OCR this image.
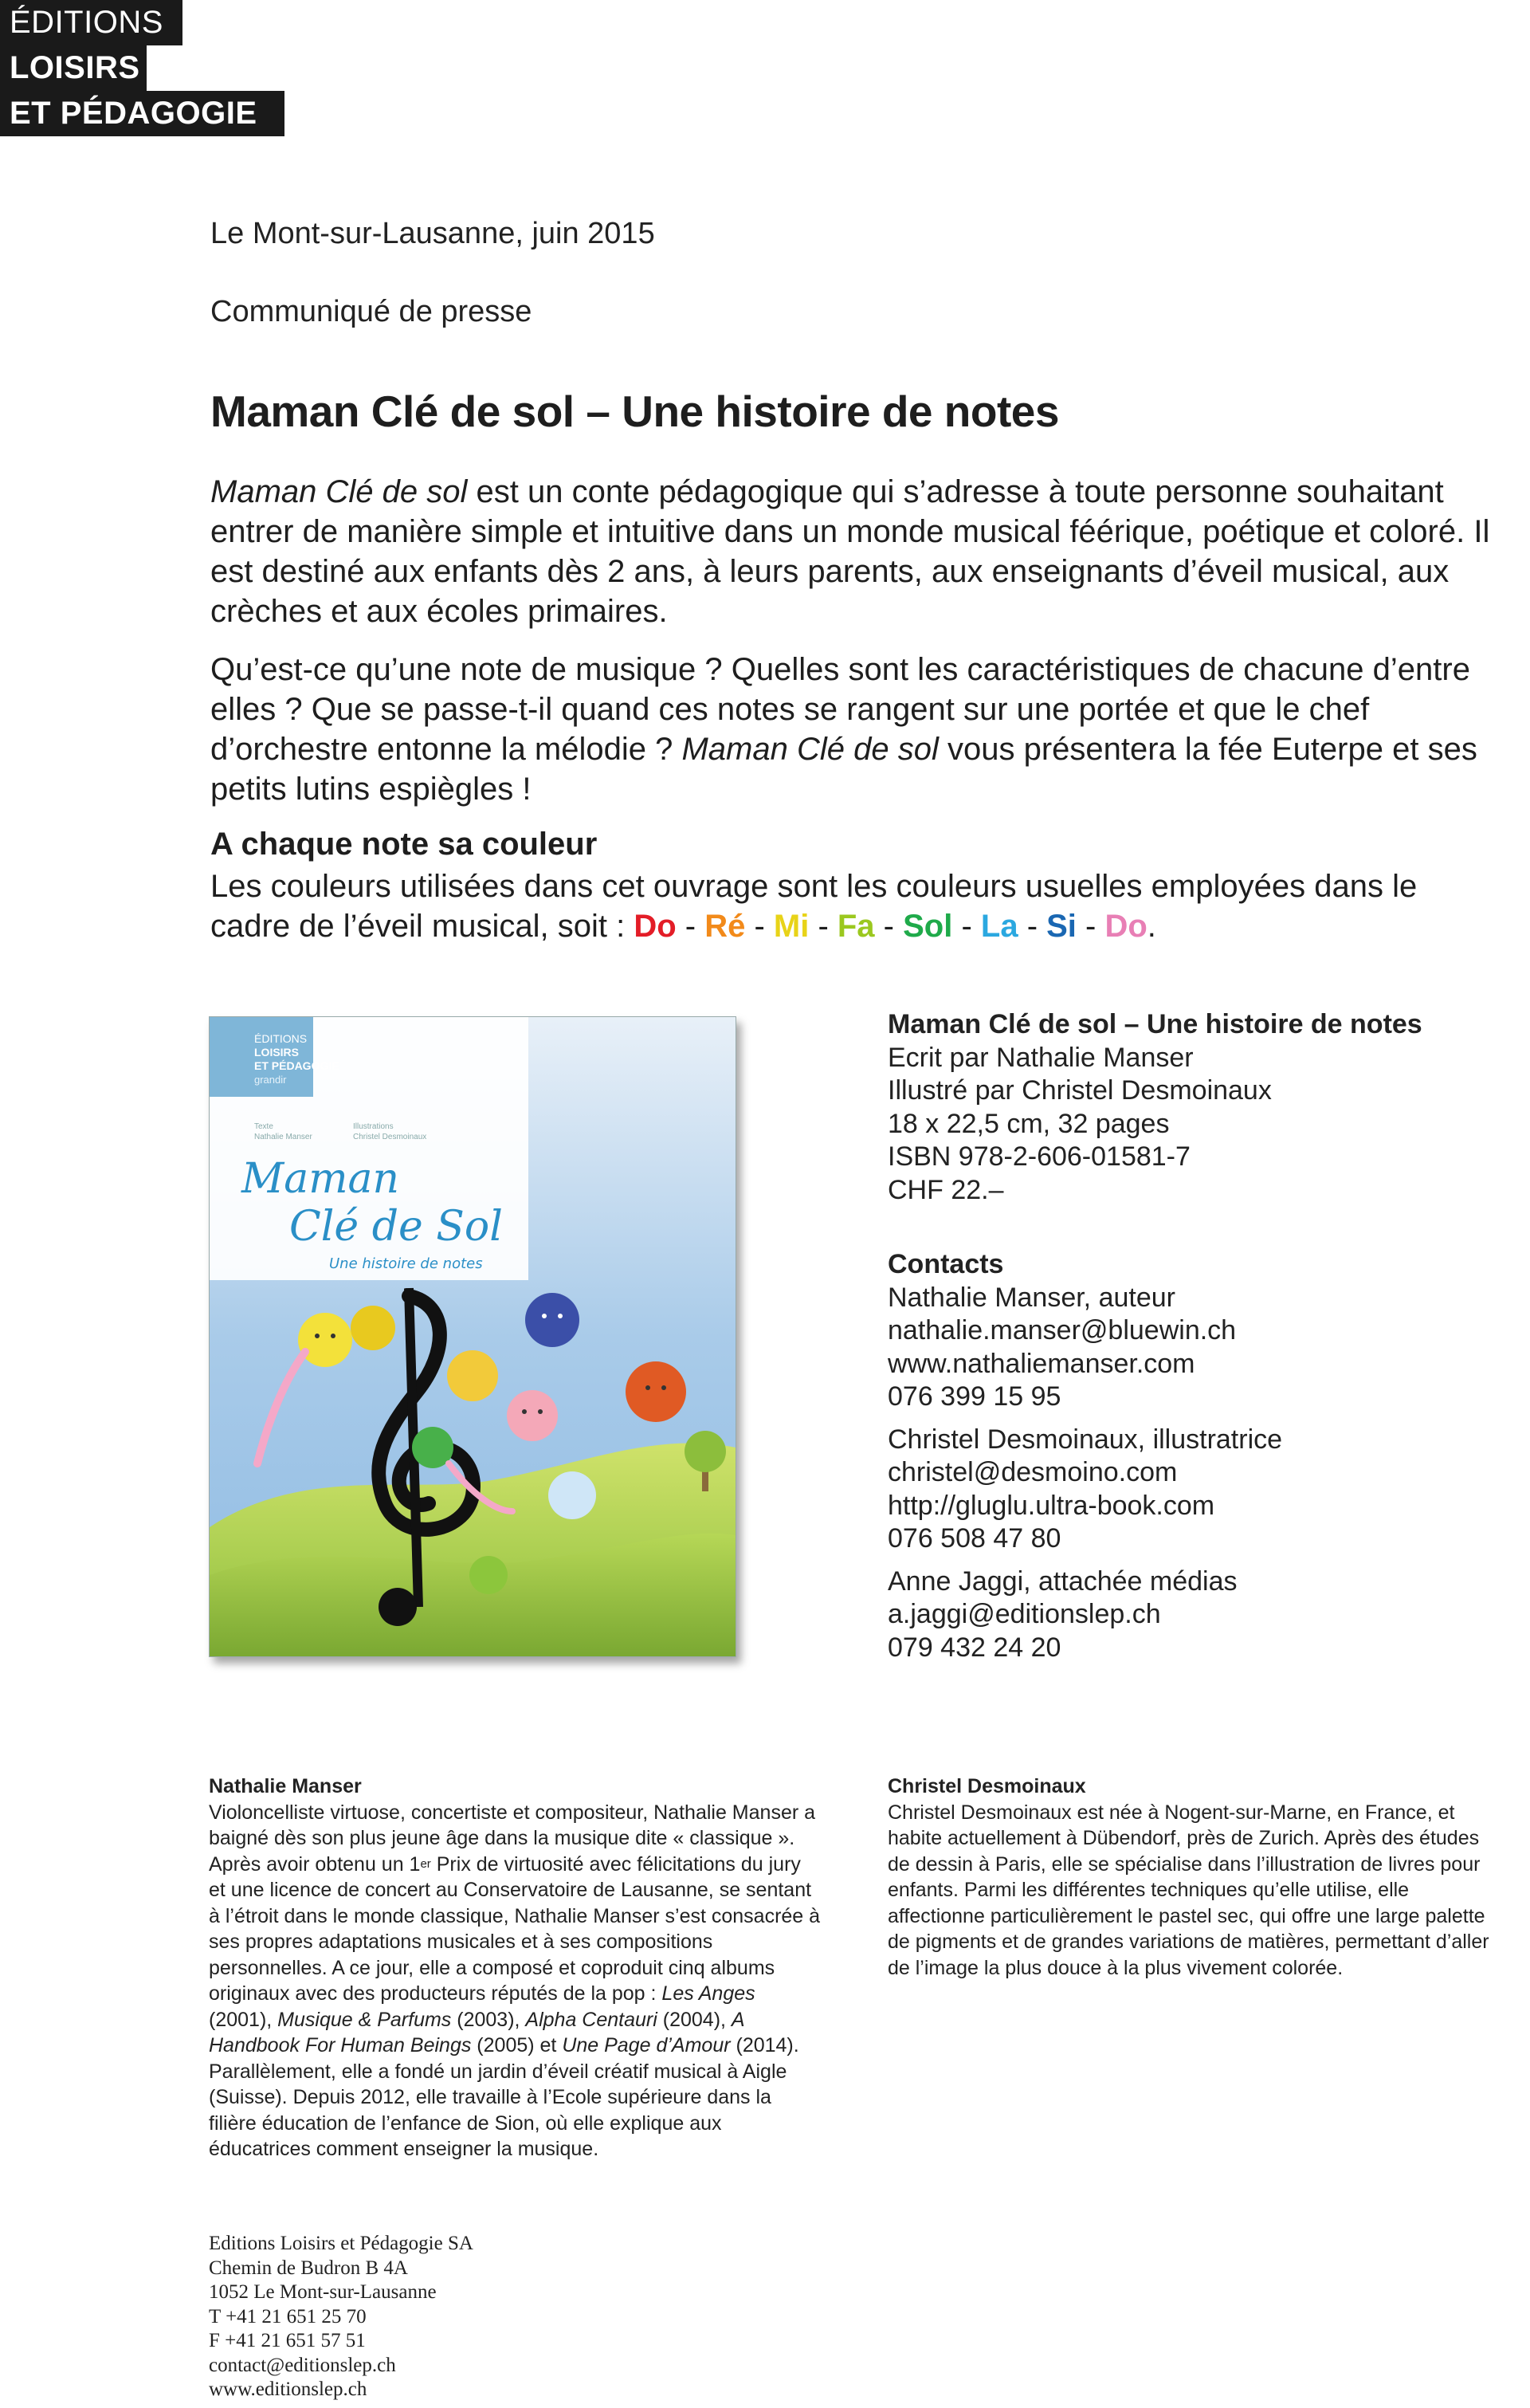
ÉDITIONS
LOISIRS
ET PÉDAGOGIE
Le Mont-sur-Lausanne, juin 2015
Communiqué de presse
Maman Clé de sol – Une histoire de notes

Maman Clé de sol est un conte pédagogique qui s’adresse à toute personne souhaitant entrer de manière simple et intuitive dans un monde musical féérique, poétique et coloré. Il est destiné aux enfants dès 2 ans, à leurs parents, aux enseignants d’éveil musical, aux crèches et aux écoles primaires.

Qu’est-ce qu’une note de musique ? Quelles sont les caractéristiques de chacune d’entre elles ? Que se passe-t-il quand ces notes se rangent sur une portée et que le chef d’orchestre entonne la mélodie ? Maman Clé de sol vous présentera la fée Euterpe et ses petits lutins espiègles !

A chaque note sa couleur

Les couleurs utilisées dans cet ouvrage sont les couleurs usuelles employées dans le cadre de l’éveil musical, soit : Do - Ré - Mi - Fa - Sol - La - Si - Do.

ÉDITIONS
LOISIRS
ET PÉDAGOGIE
grandir
Texte
Nathalie Manser
Illustrations
Christel Desmoinaux
Maman
Clé de Sol
Une histoire de notes
Maman Clé de sol – Une histoire de notes
Ecrit par Nathalie Manser
Illustré par Christel Desmoinaux
18 x 22,5 cm, 32 pages
ISBN 978-2-606-01581-7
CHF 22.–
Contacts
Nathalie Manser, auteur
nathalie.manser@bluewin.ch
www.nathaliemanser.com
076 399 15 95
Christel Desmoinaux, illustratrice
christel@desmoino.com
http://gluglu.ultra-book.com
076 508 47 80
Anne Jaggi, attachée médias
a.jaggi@editionslep.ch
079 432 24 20
Nathalie Manser
Violoncelliste virtuose, concertiste et compositeur, Nathalie Manser a baigné dès son plus jeune âge dans la musique dite « classique ». Après avoir obtenu un 1er Prix de virtuosité avec félicitations du jury et une licence de concert au Conservatoire de Lausanne, se sentant à l’étroit dans le monde classique, Nathalie Manser s’est consacrée à ses propres adaptations musicales et à ses compositions personnelles. A ce jour, elle a composé et coproduit cinq albums originaux avec des producteurs réputés de la pop : Les Anges (2001), Musique & Parfums (2003), Alpha Centauri (2004), A Handbook For Human Beings (2005) et Une Page d’Amour (2014). Parallèlement, elle a fondé un jardin d’éveil créatif musical à Aigle (Suisse). Depuis 2012, elle travaille à l’Ecole supérieure dans la filière éducation de l’enfance de Sion, où elle explique aux éducatrices comment enseigner la musique.
Christel Desmoinaux
Christel Desmoinaux est née à Nogent-sur-Marne, en France, et habite actuellement à Dübendorf, près de Zurich. Après des études de dessin à Paris, elle se spécialise dans l’illustration de livres pour enfants. Parmi les différentes techniques qu’elle utilise, elle affectionne particulièrement le pastel sec, qui offre une large palette de pigments et de grandes variations de matières, permettant d’aller de l’image la plus douce à la plus vivement colorée.
Editions Loisirs et Pédagogie SA
Chemin de Budron B 4A
1052 Le Mont-sur-Lausanne
T +41 21 651 25 70
F +41 21 651 57 51
contact@editionslep.ch
www.editionslep.ch
